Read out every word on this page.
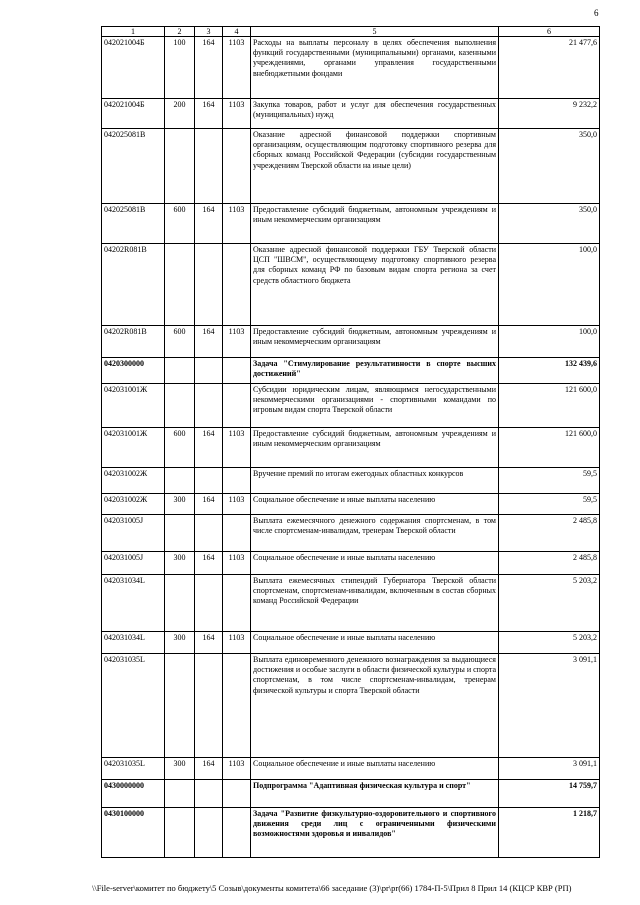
6
1	2	3	4	5	6
042021004Б	100	164	1103	Расходы на выплаты персоналу в целях обеспечения выполнения функций государственными (муниципальными) органами, казенными учреждениями, органами управления государственными внебюджетными фондами	21 477,6
042021004Б	200	164	1103	Закупка товаров, работ и услуг для обеспечения государственных (муниципальных) нужд	9 232,2
042025081В				Оказание адресной финансовой поддержки спортивным организациям, осуществляющим подготовку спортивного резерва для сборных команд Российской Федерации (субсидии государственным учреждениям Тверской области на иные цели)	350,0
042025081В	600	164	1103	Предоставление субсидий бюджетным, автономным учреждениям и иным некоммерческим организациям	350,0
04202R081В				Оказание адресной финансовой поддержки ГБУ Тверской области ЦСП "ШВСМ", осуществляющему подготовку спортивного резерва для сборных команд РФ по базовым видам спорта региона за счет средств областного бюджета	100,0
04202R081В	600	164	1103	Предоставление субсидий бюджетным, автономным учреждениям и иным некоммерческим организациям	100,0
0420300000				Задача "Стимулирование результативности в спорте высших достижений"	132 439,6
042031001Ж				Субсидии юридическим лицам, являющимся негосударственными некоммерческими организациями - спортивными командами по игровым видам спорта Тверской области	121 600,0
042031001Ж	600	164	1103	Предоставление субсидий бюджетным, автономным учреждениям и иным некоммерческим организациям	121 600,0
042031002Ж				Вручение премий по итогам ежегодных областных конкурсов	59,5
042031002Ж	300	164	1103	Социальное обеспечение и иные выплаты населению	59,5
042031005J				Выплата ежемесячного денежного содержания спортсменам, в том числе спортсменам-инвалидам, тренерам Тверской области	2 485,8
042031005J	300	164	1103	Социальное обеспечение и иные выплаты населению	2 485,8
042031034L				Выплата ежемесячных стипендий Губернатора Тверской области спортсменам, спортсменам-инвалидам, включенным в состав сборных команд Российской Федерации	5 203,2
042031034L	300	164	1103	Социальное обеспечение и иные выплаты населению	5 203,2
042031035L				Выплата единовременного денежного вознаграждения за выдающиеся достижения и особые заслуги в области физической культуры и спорта спортсменам, в том числе спортсменам-инвалидам, тренерам физической культуры и спорта Тверской области	3 091,1
042031035L	300	164	1103	Социальное обеспечение и иные выплаты населению	3 091,1
0430000000				Подпрограмма "Адаптивная физическая культура и спорт"	14 759,7
0430100000				Задача "Развитие физкультурно-оздоровительного и спортивного движения среди лиц с ограниченными физическими возможностями здоровья и инвалидов"	1 218,7
\\File-server\комитет по бюджету\5 Созыв\документы комитета\66 заседание (3)\pr\pr(66) 1784-П-5\Прил 8 Прил 14 (КЦСР КВР (РП)
